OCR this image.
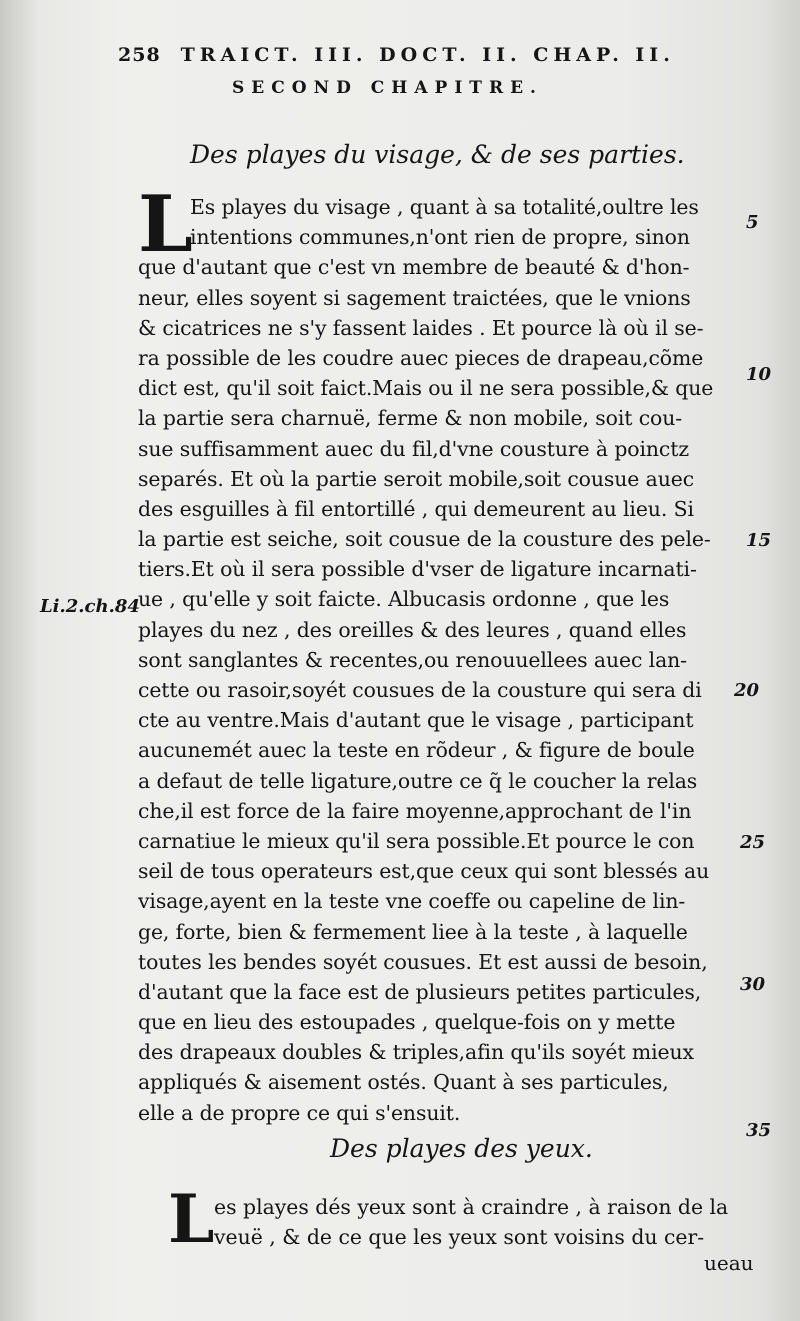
258 TRAICT. III. DOCT. II. CHAP. II.
SECOND CHAPITRE.
Des playes du visage, & de ses parties.
L
Es playes du visage , quant à sa totalité,oultre les
intentions communes,n'ont rien de propre, sinon
que d'autant que c'est vn membre de beauté & d'hon-
neur, elles soyent si sagement traictées, que le vnions
& cicatrices ne s'y fassent laides . Et pource là où il se-
ra possible de les coudre auec pieces de drapeau,cõme
dict est, qu'il soit faict.Mais ou il ne sera possible,& que
la partie sera charnuë, ferme & non mobile, soit cou-
sue suffisamment auec du fil,d'vne cousture à poinctz
separés. Et où la partie seroit mobile,soit cousue auec
des esguilles à fil entortillé , qui demeurent au lieu. Si
la partie est seiche, soit cousue de la cousture des pele-
tiers.Et où il sera possible d'vser de ligature incarnati-
ue , qu'elle y soit faicte. Albucasis ordonne , que les
playes du nez , des oreilles & des leures , quand elles
sont sanglantes & recentes,ou renouuellees auec lan-
cette ou rasoir,soyét cousues de la cousture qui sera di
cte au ventre.Mais d'autant que le visage , participant
aucunemét auec la teste en rõdeur , & figure de boule
a defaut de telle ligature,outre ce q̃ le coucher la relas
che,il est force de la faire moyenne,approchant de l'in
carnatiue le mieux qu'il sera possible.Et pource le con
seil de tous operateurs est,que ceux qui sont blessés au
visage,ayent en la teste vne coeffe ou capeline de lin-
ge, forte, bien & fermement liee à la teste , à laquelle
toutes les bendes soyét cousues. Et est aussi de besoin,
d'autant que la face est de plusieurs petites particules,
que en lieu des estoupades , quelque-fois on y mette
des drapeaux doubles & triples,afin qu'ils soyét mieux
appliqués & aisement ostés. Quant à ses particules,
elle a de propre ce qui s'ensuit.
Li.2.ch.84
5
10
15
20
25
30
35
Des playes des yeux.
L es playes dés yeux sont à craindre , à raison de la
veuë , & de ce que les yeux sont voisins du cer-
ueau
